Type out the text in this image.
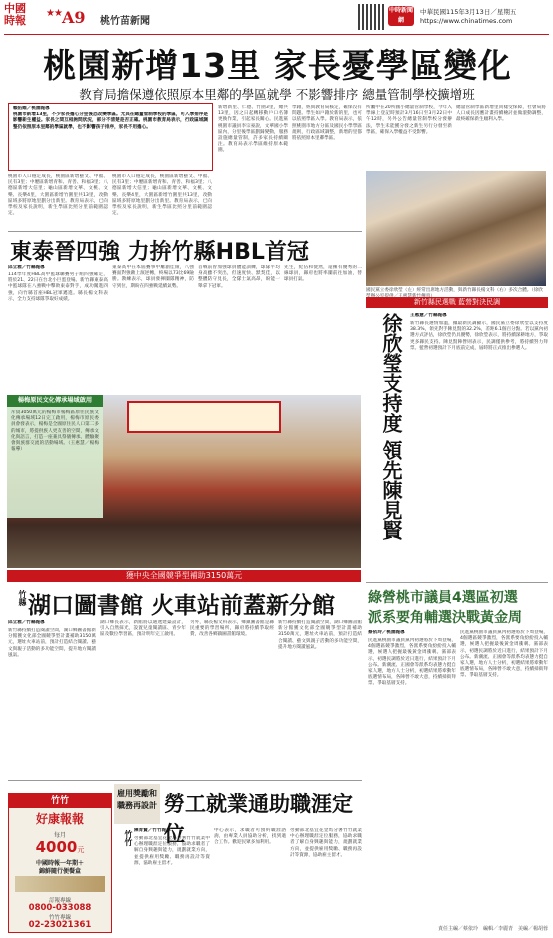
中國
時報
★★ A9 桃竹苗新聞
中時新聞網
中華民國115年3月13日／星期五
https://www.chinatimes.com
桃園新增13里 家長憂學區變化
教育局擔保遵依照原本里鄰的學區就學 不影響排序 總量管制學校擴增班
賴佑維／桃園報導
桃園市新增13里，不少家長擔心分里後恐改變學區。尤其在總量管制學校的學區，可入學排序是影響新生權益。家長之間互相詢問狀況，部分不清楚是否正確。桃園市教育局表示，行政區域調整仍依照原本里鄰的學區就學，也不影響孩子排序，家長不用擔心。
桃園市人口穩定成長，桃園區新增藝文、中福、民有3里；中壢區新增青和、青善、和福3里；八德區新增大信里；龜山區新增文華、文桃、文樂、長樂4里，大園區新增竹圍里共13里，改動區域多將原地里劃分出新里。教育局表示，已向學校及家長說明，新生學區比照分里前範圍認定。
桃園市人口穩定成長，桃園區新增藝文、中福、民有3里；中壢區新增青和、青善、和福3里；八德區新增大信里；龜山區新增文華、文桃、文樂、長樂4里，大園區新增竹圍里共13里，改動區域多將原地里劃分出新里。教育局表示，已向學校及家長說明，新生學區比照分里前範圍認定。
新增新里、仁德、竹圍3里，總共13里，因之日起轉移動戶口名簿更換作業，引起家長關心。民進黨桃園市議員李宗豪說，文華國小學區內，分里後學區劃歸變動，服務設施總量管制，許多家長持續關注。教育局表示學區維持原本範圍。
學籍，經與教育局核定，確保沒有問題。學生如戶籍於新的里，也可以依照學區入學。教育局表示，依照桃園市地方分區及國民小學學區規則，行政區域調整，新增的里都將依照原本里鄰學區。
所屬中在20所國小總量管制學校，今年入學線上登記時預計3月16日至3月22日中午12時，另外公告總量管制學校分發辦法，學生未能獲分發之新生另行分發至新學區，確保入學權益不受影響。
總量管制學區新增里同樣受保障，社會局將人口成長因應計畫持續檢討並做滾動調整，最終確保新生順利入學。
國民黨立委徐欣瑩（左）經常出席地方活動，與新竹縣長楊文科（右）多次合體。（徐欣
東泰晉四強 力拚竹縣HBL首冠
邱立雅／竹縣報導
114學年度HBL高中籃球聯賽男子組四強確定，將於21、22日在台北小巨蛋登場。新竹縣東泰高中籃球隊在八強戰中擊敗東泰對手，成功闖進四強，向竹縣首座HBL冠軍邁進。縣長楊文科表示，全力支持球隊爭取好成績。
東泰高中在本屆賽事中屢創佳績，八強賽面對強敵上演逆轉，終場以73比69險勝。教練表示，球員發揮團隊精神，防守到位，期盼在四強戰延續氣勢。
首戰前曾加強球員體能訓練，球隊平均身高雖不突出，但速度快、默契佳，以整體防守見長，全隊士氣高昂，盼能一舉拿下冠軍。
先生，紀伍和使然，還擁有優秀的二線球員，縣府也將率團前往加油，替球員打氣。
楊梅原民文化傳承場域啟用
斥資3050萬元的楊梅市楊梅區原住民族文化傳承場域12日完工啟用，楊梅市原民委員會發表示，楊梅是全國原住民人口第二多的城市，將提供族人更友善的空間，傳承文化與語言，打造一座兼具祭儀傳承、體驗聚會與族群交流的活動場域。（王惠慧／楊梅報導）
獲中央全國競爭型補助3150萬元
新竹縣民選戰 藍營對決民調
徐欣瑩支持度 領先陳見賢 王惠慧／竹縣報導
新竹縣長選情加溫，據最新民調顯示，國民黨立委徐欣瑩以支持度38.3%，領先對手陳見賢的32.2%，差距6.1個百分點。若以黨內初選方式評估，徐欣瑩仍具優勢，徐欣瑩表示，將持續深耕地方，爭取更多縣民支持。陳見賢陣營則表示，民調僅供參考，將持續努力拜票。藍營初選預計下月底前完成，屆時將正式推出參選人。
竹縣 湖口圖書館 火車站前蓋新分館
邱立雅／竹縣報導
新竹縣持續打造閱讀空間，湖口鄉圖書館新分館獲文化部全國競爭型計畫補助3150萬元，選址火車站前，預計打造結合閱讀、藝文與親子活動的多功能空間，提升地方閱讀風氣。
湖口鄉長表示，新館將以通透建築設計，引入自然採光，設置兒童閱讀區、青少年區及數位學習區，預計明年完工啟用。
另外，縣長楊文科表示，鄉鎮圖書館是縣民重要的學習場所，縣府將持續爭取經費，改善各鄉鎮圖書館環境。
新竹縣持續打造閱讀空間，湖口鄉圖書館新分館獲文化部全國競爭型計畫補助3150萬元，選址火車站前，預計打造結合閱讀、藝文與親子活動的多功能空間，提升地方閱讀風氣。
綠營桃市議員4選區初選
派系要角輔選決戰黃金周
蔡依玲／桃園報導
民進黨桃園市議員黨內初選將於下周登場，4個選區競爭激烈，各派系要角紛紛投入輔選，候選人把握最後黃金周衝刺。黨部表示，初選民調將於近日進行，結果預計下月公布。新潮流、正國會等派系均表態力挺自家人選，地方人士分析，初選結果將牽動年底選情布局，各陣營不敢大意，持續掃街拜票、爭取基層支持。
民進黨桃園市議員黨內初選將於下周登場，4個選區競爭激烈，各派系要角紛紛投入輔選，候選人把握最後黃金周衝刺。黨部表示，初選民調將於近日進行，結果預計下月公布。新潮流、正國會等派系均表態力挺自家人選，地方人士分析，初選結果將牽動年底選情布局，各陣營不敢大意，持續掃街拜票、爭取基層支持。
雇用獎勵和職務再設計 勞工就業通助職涯定位
竹竹 陳育賢／竹竹報導
勞動部北基宜花金馬分署竹竹就業中心辦理職涯定位服務，協助求職者了解自身興趣與能力，規劃就業方向，並提供雇用獎勵、職務再設計等資源，協助雇主留才。
中心表示，求職者可預約職涯諮詢，由專業人員協助分析，找到適合工作。歡迎民眾多加利用。
勞動部北基宜花金馬分署竹竹就業中心辦理職涯定位服務，協助求職者了解自身興趣與能力，規劃就業方向，並提供雇用獎勵、職務再設計等資源，協助雇主留才。
竹竹
好康報報
每月
4000元
中國時報一年期＋
錦鮮隨行便餐盒
訂報專線
0800-033088
竹竹專線
02-23021361	責任主編／蔡依玲　編輯／李麗青　美編／楊胡蓉
